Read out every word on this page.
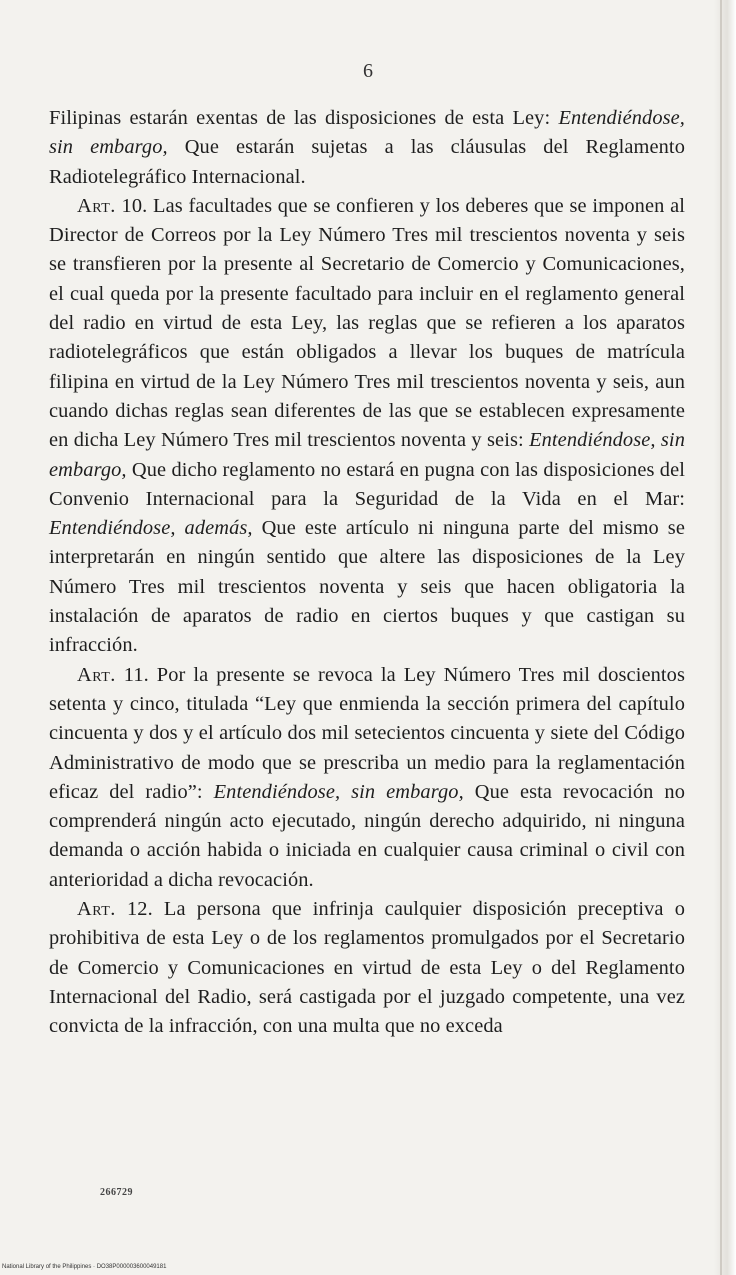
6

Filipinas estarán exentas de las disposiciones de esta Ley: Entendiéndose, sin embargo, Que estarán sujetas a las cláusulas del Reglamento Radiotelegráfico Internacional.

Art. 10. Las facultades que se confieren y los deberes que se imponen al Director de Correos por la Ley Número Tres mil trescientos noventa y seis se transfieren por la presente al Secretario de Comercio y Comunicaciones, el cual queda por la presente facultado para incluir en el reglamento general del radio en virtud de esta Ley, las reglas que se refieren a los aparatos radiotelegráficos que están obligados a llevar los buques de matrícula filipina en virtud de la Ley Número Tres mil trescientos noventa y seis, aun cuando dichas reglas sean diferentes de las que se establecen expresamente en dicha Ley Número Tres mil trescientos noventa y seis: Entendiéndose, sin embargo, Que dicho reglamento no estará en pugna con las disposiciones del Convenio Internacional para la Seguridad de la Vida en el Mar: Entendiéndose, además, Que este artículo ni ninguna parte del mismo se interpretarán en ningún sentido que altere las disposiciones de la Ley Número Tres mil trescientos noventa y seis que hacen obligatoria la instalación de aparatos de radio en ciertos buques y que castigan su infracción.

Art. 11. Por la presente se revoca la Ley Número Tres mil doscientos setenta y cinco, titulada “Ley que enmienda la sección primera del capítulo cincuenta y dos y el artículo dos mil setecientos cincuenta y siete del Código Administrativo de modo que se prescriba un medio para la reglamentación eficaz del radio”: Entendiéndose, sin embargo, Que esta revocación no comprenderá ningún acto ejecutado, ningún derecho adquirido, ni ninguna demanda o acción habida o iniciada en cualquier causa criminal o civil con anterioridad a dicha revocación.

Art. 12. La persona que infrinja caulquier disposición preceptiva o prohibitiva de esta Ley o de los reglamentos promulgados por el Secretario de Comercio y Comunicaciones en virtud de esta Ley o del Reglamento Internacional del Radio, será castigada por el juzgado competente, una vez convicta de la infracción, con una multa que no exceda

266729
National Library of the Philippines · DO38P000003600049181
